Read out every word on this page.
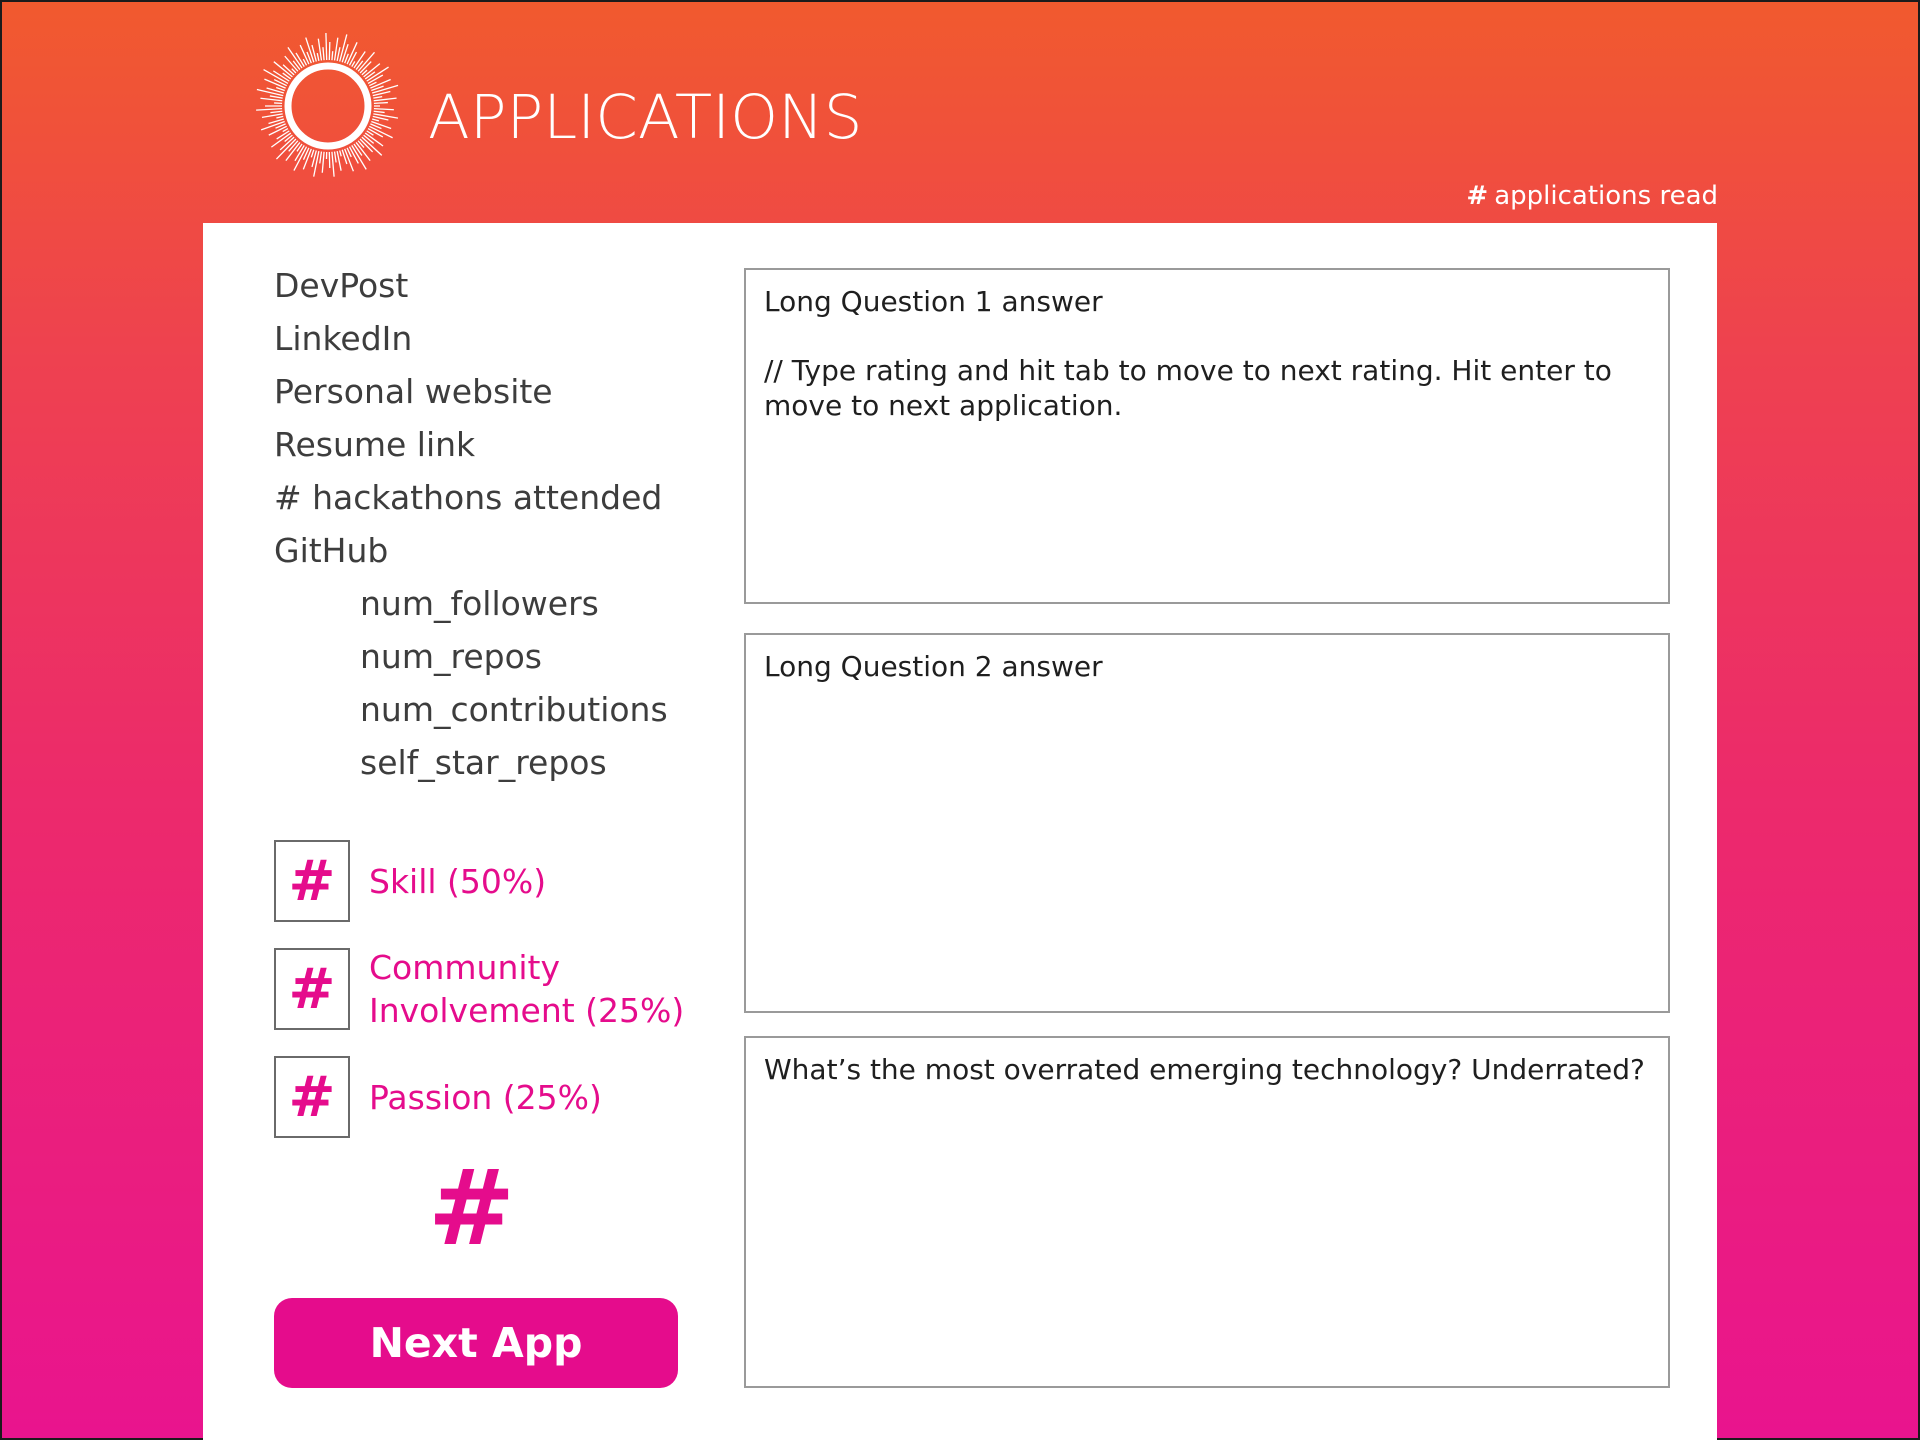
APPLICATIONS
# applications read
DevPost
LinkedIn
Personal website
Resume link
# hackathons attended
GitHub
num_followers
num_repos
num_contributions
self_star_repos
#	Skill (50%)
#	Community
Involvement (25%)
#	Passion (25%)
#
Next App

Long Question 1 answer

// Type rating and hit tab to move to next rating. Hit enter to move to next application.

Long Question 2 answer

What’s the most overrated emerging technology? Underrated?
